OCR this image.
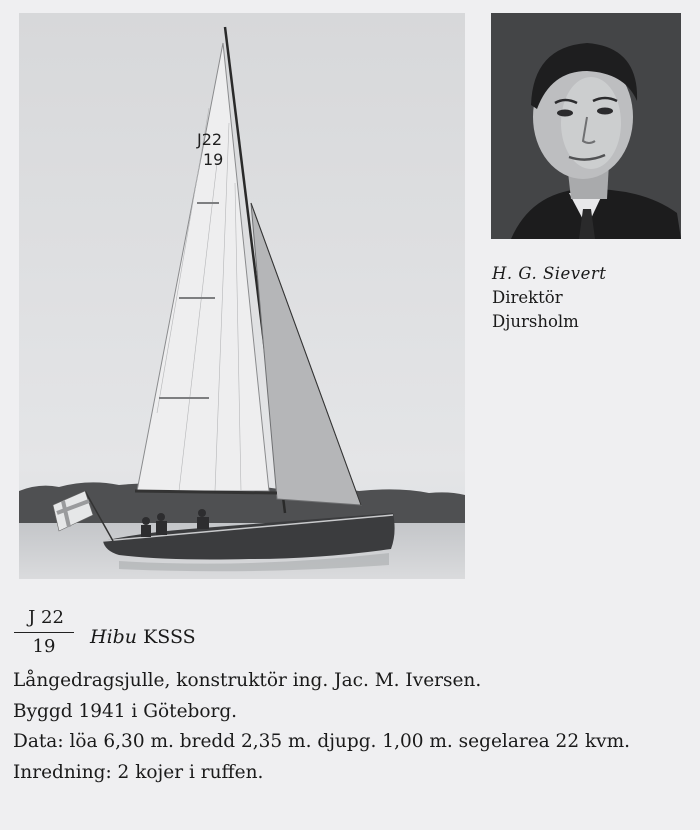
J22
19
H. G. Sievert
Direktör
Djursholm
J 22
19	Hibu KSSS

Långedragsjulle, konstruktör ing. Jac. M. Iversen.

Byggd 1941 i Göteborg.

Data: löa 6,30 m. bredd 2,35 m. djupg. 1,00 m. segelarea 22 kvm.

Inredning: 2 kojer i ruffen.
